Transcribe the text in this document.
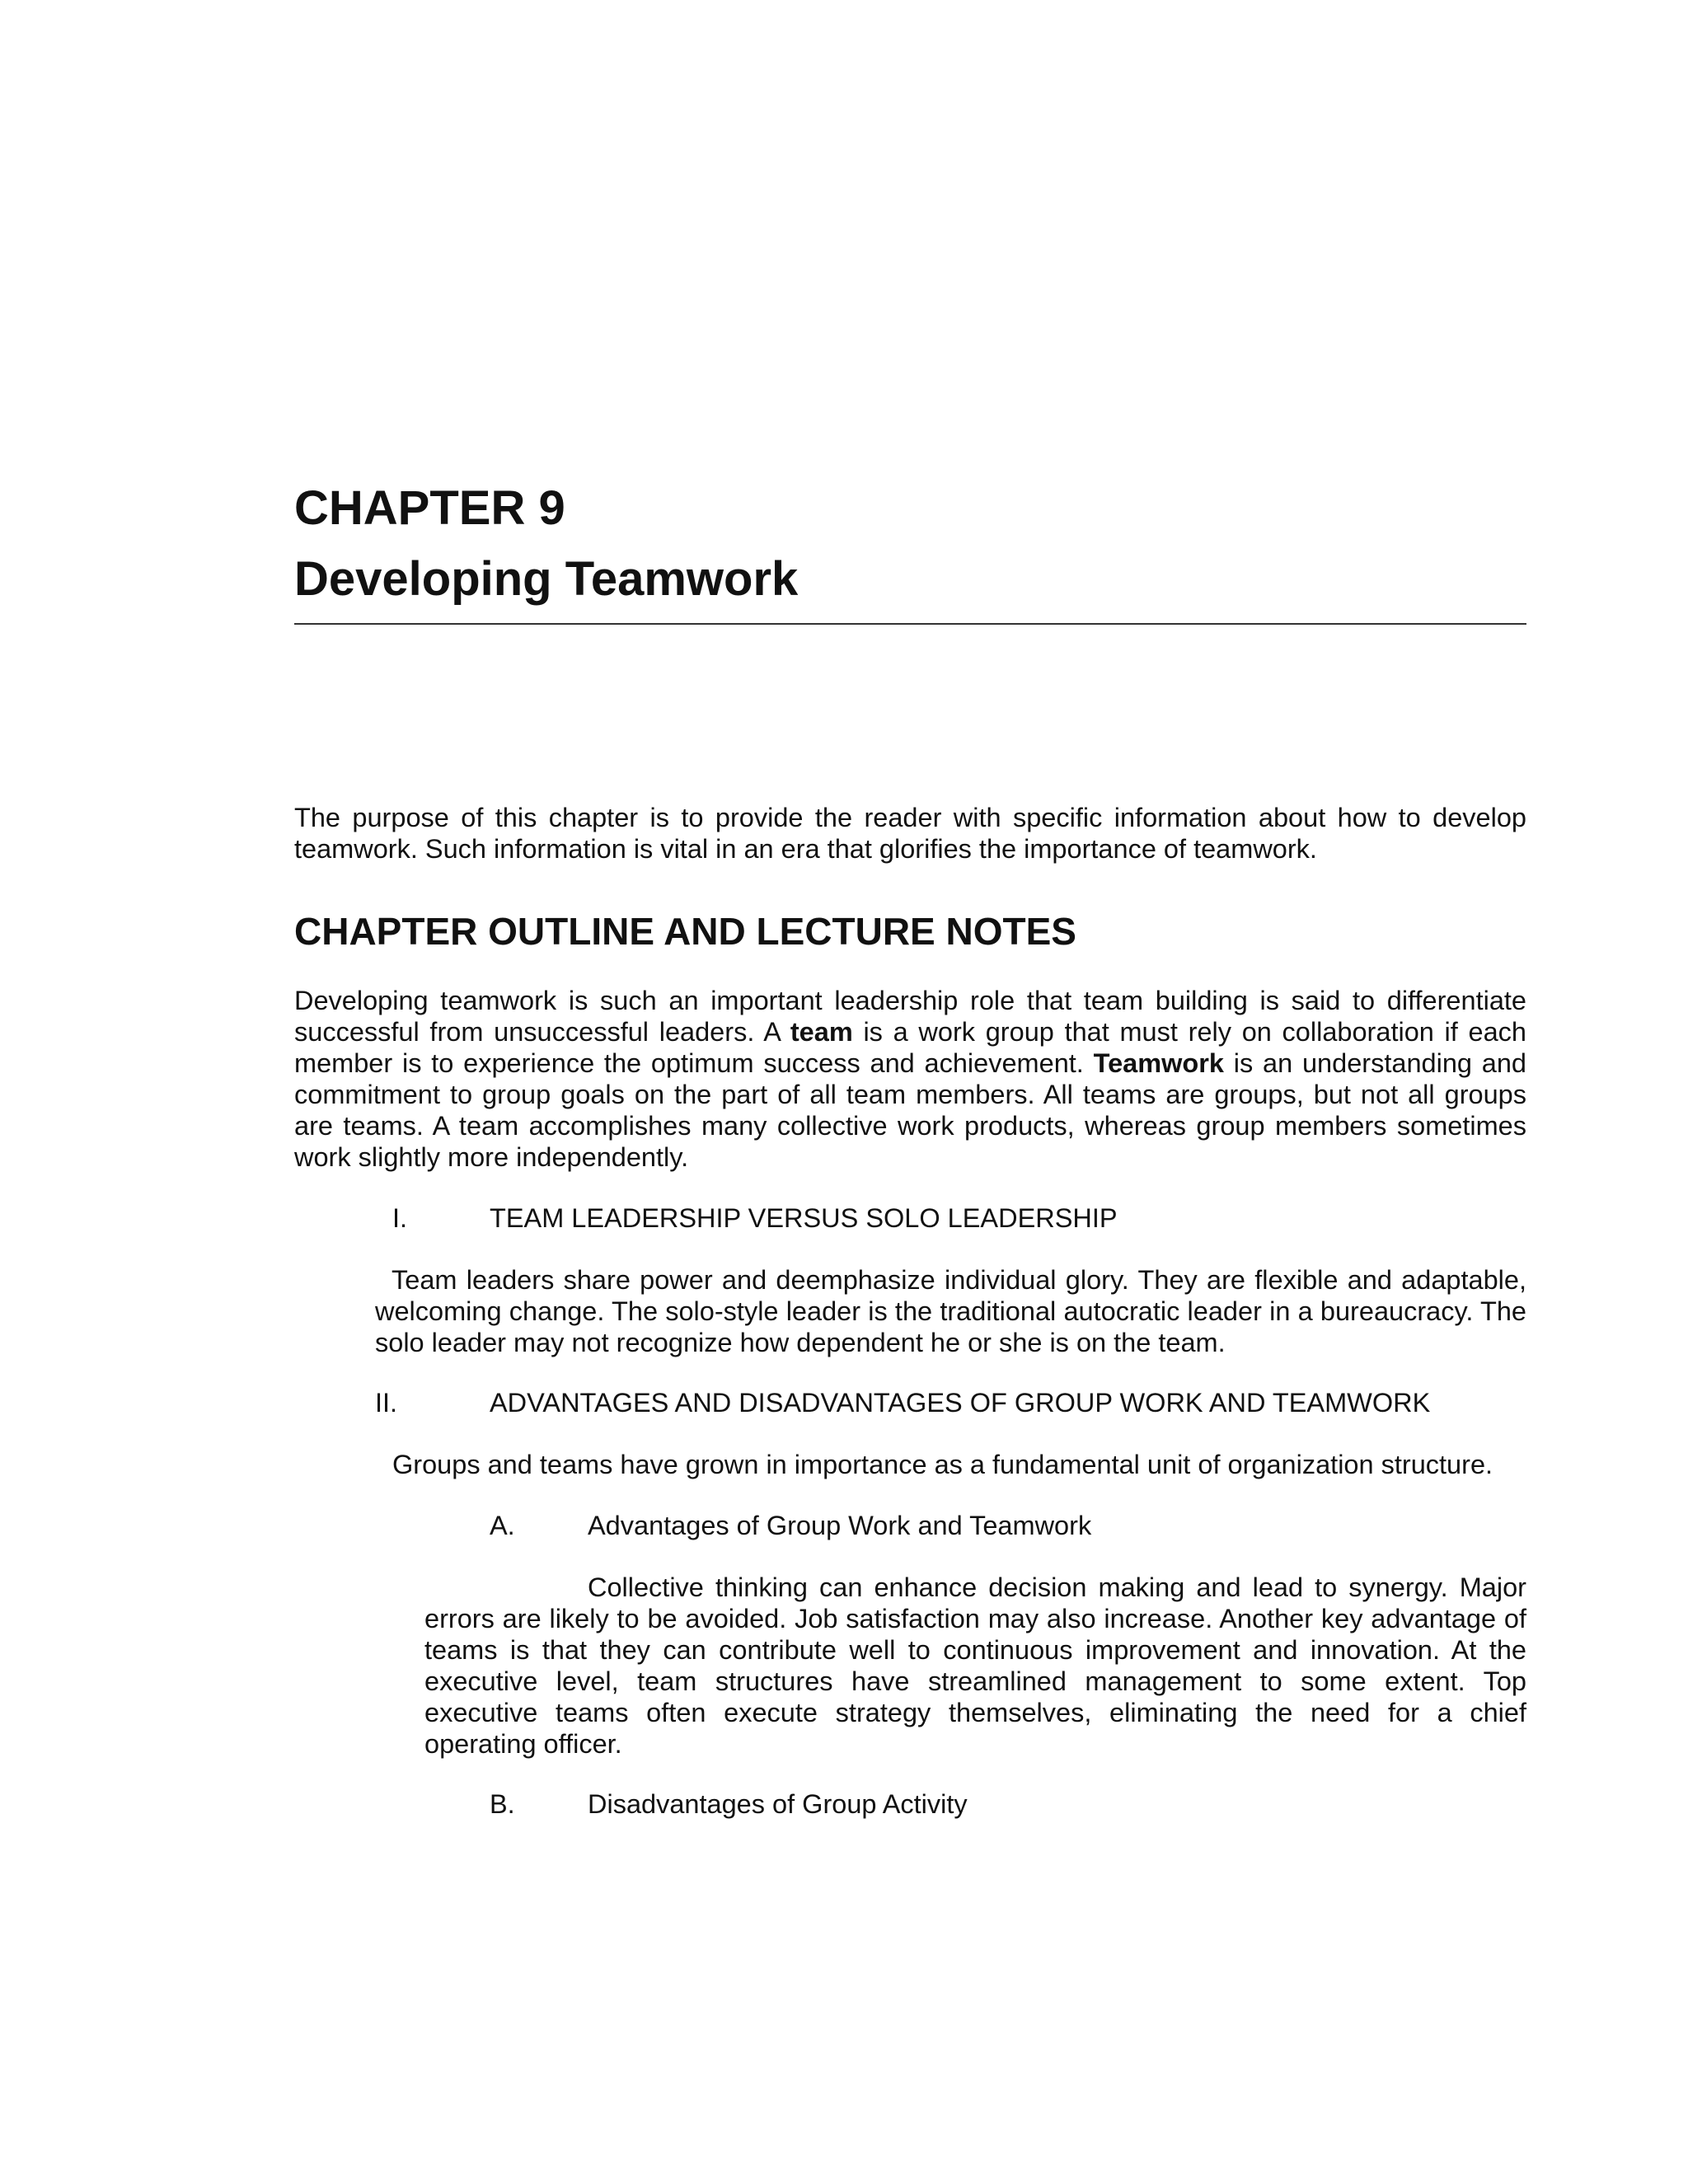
CHAPTER 9
Developing Teamwork
The purpose of this chapter is to provide the reader with specific information about how to develop teamwork. Such information is vital in an era that glorifies the importance of teamwork.
CHAPTER OUTLINE AND LECTURE NOTES
Developing teamwork is such an important leadership role that team building is said to differentiate successful from unsuccessful leaders. A team is a work group that must rely on collaboration if each member is to experience the optimum success and achievement. Teamwork is an understanding and commitment to group goals on the part of all team members. All teams are groups, but not all groups are teams. A team accomplishes many collective work products, whereas group members sometimes work slightly more independently.
I.	TEAM LEADERSHIP VERSUS SOLO LEADERSHIP
Team leaders share power and deemphasize individual glory. They are flexible and adaptable, welcoming change. The solo-style leader is the traditional autocratic leader in a bureaucracy. The solo leader may not recognize how dependent he or she is on the team.
II.	ADVANTAGES AND DISADVANTAGES OF GROUP WORK AND TEAMWORK
Groups and teams have grown in importance as a fundamental unit of organization structure.
A.	Advantages of Group Work and Teamwork
Collective thinking can enhance decision making and lead to synergy. Major errors are likely to be avoided. Job satisfaction may also increase. Another key advantage of teams is that they can contribute well to continuous improvement and innovation. At the executive level, team structures have streamlined management to some extent. Top executive teams often execute strategy themselves, eliminating the need for a chief operating officer.
B.	Disadvantages of Group Activity
